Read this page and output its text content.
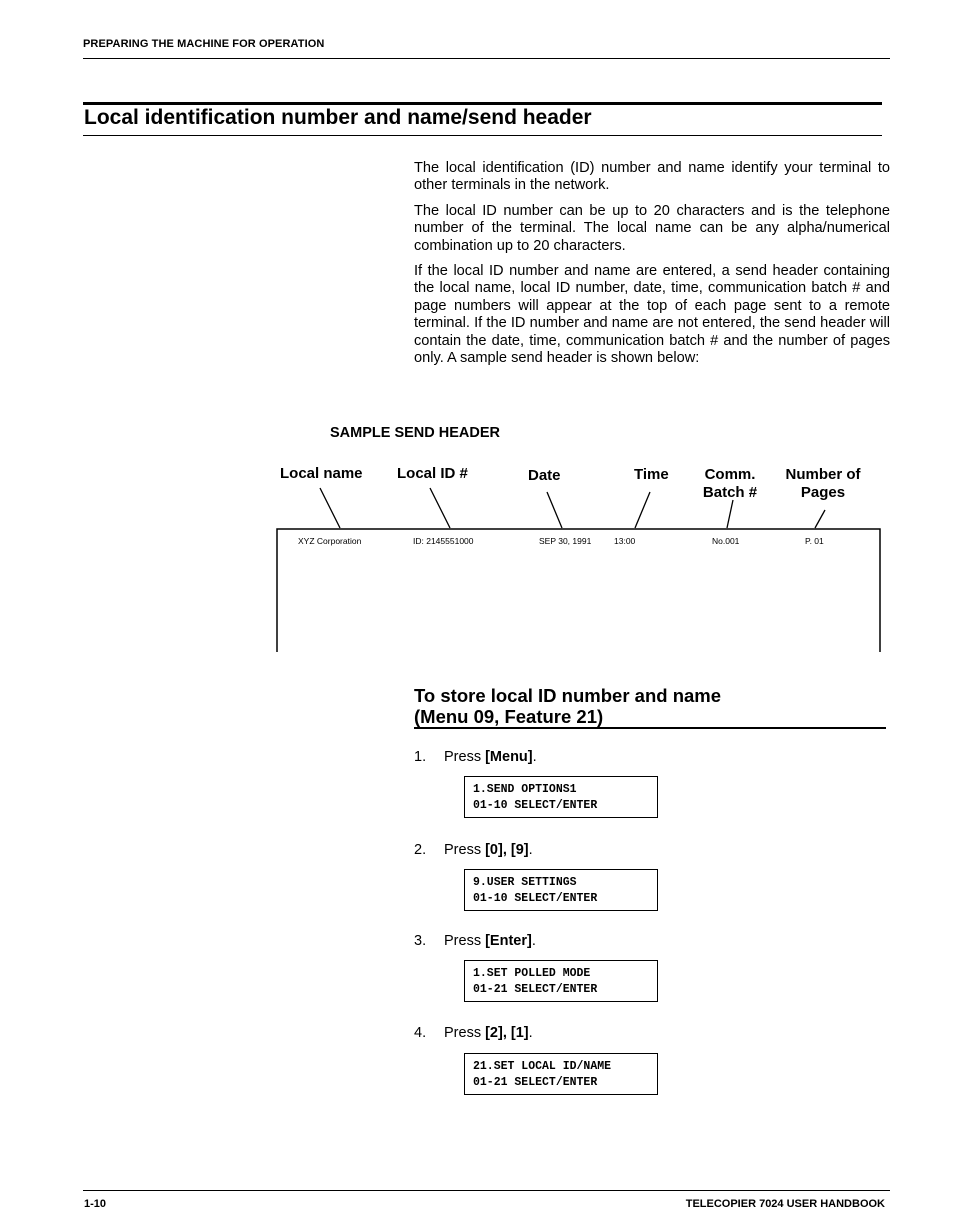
PREPARING THE MACHINE FOR OPERATION
Local identification number and name/send header
The local identification (ID) number and name identify your terminal to other terminals in the network.
The local ID number can be up to 20 characters and is the telephone number of the terminal. The local name can be any alpha/numerical combination up to 20 characters.
If the local ID number and name are entered, a send header containing the local name, local ID number, date, time, communication batch # and page numbers will appear at the top of each page sent to a remote terminal. If the ID number and name are not entered, the send header will contain the date, time, communication batch # and the number of pages only. A sample send header is shown below:
SAMPLE SEND HEADER
Local name Local ID #	Date	Time	Comm.
Batch #
Number of
Pages
XYZ Corporation	ID: 2145551000	SEP 30, 1991	13:00	No.001	P. 01
To store local ID number and name
(Menu 09, Feature 21)
1. Press [Menu].
1.SEND OPTIONS1
01-10 SELECT/ENTER
2. Press [0], [9].
9.USER SETTINGS
01-10 SELECT/ENTER
3. Press [Enter].
1.SET POLLED MODE
01-21 SELECT/ENTER
4. Press [2], [1].
21.SET LOCAL ID/NAME
01-21 SELECT/ENTER
1-10	TELECOPIER 7024 USER HANDBOOK
